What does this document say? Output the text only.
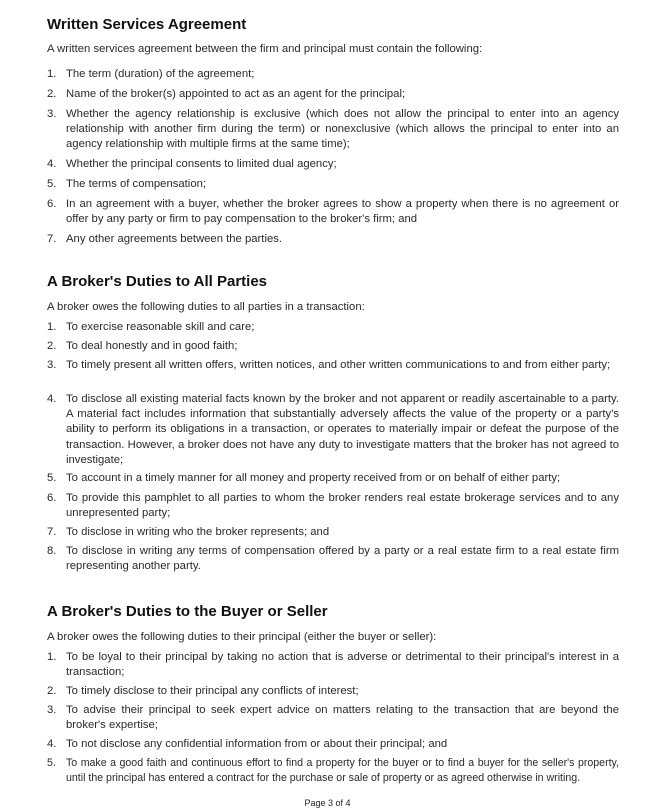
Written Services Agreement

A written services agreement between the firm and principal must contain the following:

1. The term (duration) of the agreement;
2. Name of the broker(s) appointed to act as an agent for the principal;
3. Whether the agency relationship is exclusive (which does not allow the principal to enter into an agency relationship with another firm during the term) or nonexclusive (which allows the principal to enter into an agency relationship with multiple firms at the same time);
4. Whether the principal consents to limited dual agency;
5. The terms of compensation;
6. In an agreement with a buyer, whether the broker agrees to show a property when there is no agreement or offer by any party or firm to pay compensation to the broker's firm; and
7. Any other agreements between the parties.
A Broker's Duties to All Parties

A broker owes the following duties to all parties in a transaction:

1. To exercise reasonable skill and care;
2. To deal honestly and in good faith;
3. To timely present all written offers, written notices, and other written communications to and from either party;
4. To disclose all existing material facts known by the broker and not apparent or readily ascertainable to a party. A material fact includes information that substantially adversely affects the value of the property or a party's ability to perform its obligations in a transaction, or operates to materially impair or defeat the purpose of the transaction. However, a broker does not have any duty to investigate matters that the broker has not agreed to investigate;
5. To account in a timely manner for all money and property received from or on behalf of either party;
6. To provide this pamphlet to all parties to whom the broker renders real estate brokerage services and to any unrepresented party;
7. To disclose in writing who the broker represents; and
8. To disclose in writing any terms of compensation offered by a party or a real estate firm to a real estate firm representing another party.
A Broker's Duties to the Buyer or Seller

A broker owes the following duties to their principal (either the buyer or seller):

1. To be loyal to their principal by taking no action that is adverse or detrimental to their principal's interest in a transaction;
2. To timely disclose to their principal any conflicts of interest;
3. To advise their principal to seek expert advice on matters relating to the transaction that are beyond the broker's expertise;
4. To not disclose any confidential information from or about their principal; and
5. To make a good faith and continuous effort to find a property for the buyer or to find a buyer for the seller's property, until the principal has entered a contract for the purchase or sale of property or as agreed otherwise in writing.
Page 3 of 4
